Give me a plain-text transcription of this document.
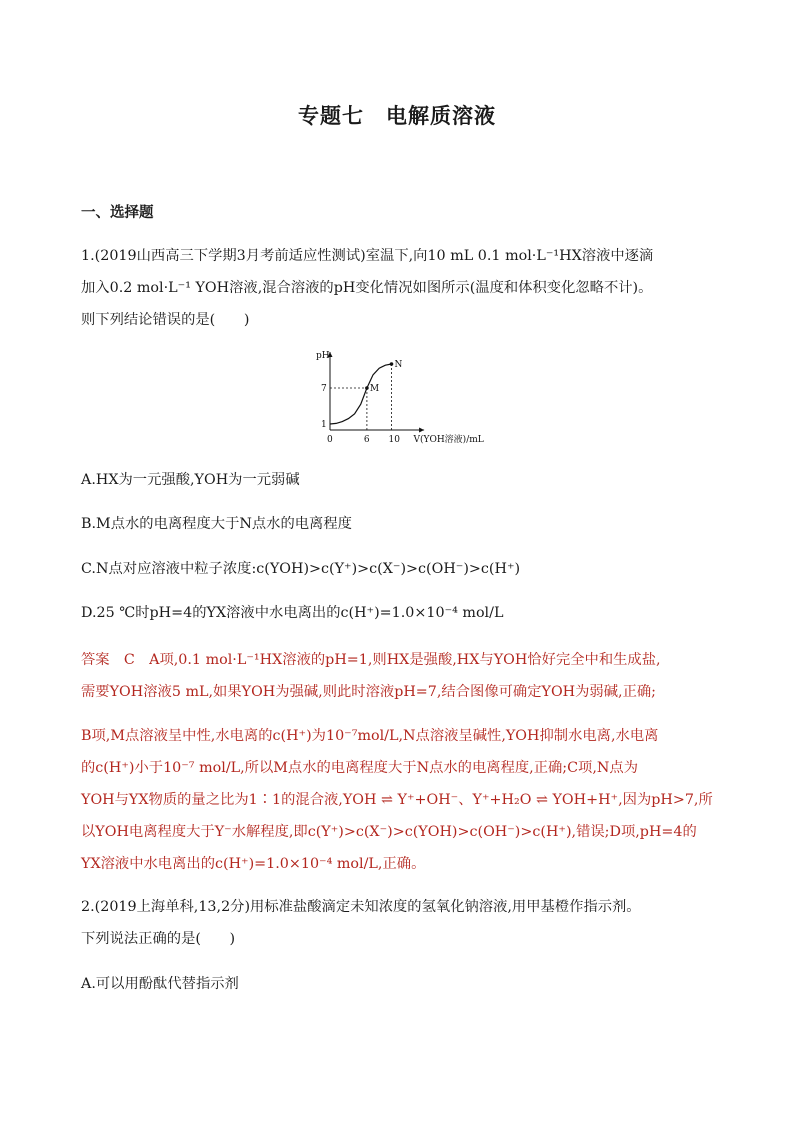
专题七　电解质溶液
一、选择题
1.(2019山西高三下学期3月考前适应性测试)室温下,向10 mL 0.1 mol·L⁻¹HX溶液中逐滴
加入0.2 mol·L⁻¹ YOH溶液,混合溶液的pH变化情况如图所示(温度和体积变化忽略不计)。
则下列结论错误的是(　　)
pH
V(YOH溶液)/mL
0	6 10
1
7	M
N
A.HX为一元强酸,YOH为一元弱碱
B.M点水的电离程度大于N点水的电离程度
C.N点对应溶液中粒子浓度:c(YOH)>c(Y⁺)>c(X⁻)>c(OH⁻)>c(H⁺)
D.25 ℃时pH=4的YX溶液中水电离出的c(H⁺)=1.0×10⁻⁴ mol/L
答案　C　A项,0.1 mol·L⁻¹HX溶液的pH=1,则HX是强酸,HX与YOH恰好完全中和生成盐,
需要YOH溶液5 mL,如果YOH为强碱,则此时溶液pH=7,结合图像可确定YOH为弱碱,正确;
B项,M点溶液呈中性,水电离的c(H⁺)为10⁻⁷mol/L,N点溶液呈碱性,YOH抑制水电离,水电离
的c(H⁺)小于10⁻⁷ mol/L,所以M点水的电离程度大于N点水的电离程度,正确;C项,N点为
YOH与YX物质的量之比为1∶1的混合液,YOH ⇌ Y⁺+OH⁻、Y⁺+H₂O ⇌ YOH+H⁺,因为pH>7,所
以YOH电离程度大于Y⁻水解程度,即c(Y⁺)>c(X⁻)>c(YOH)>c(OH⁻)>c(H⁺),错误;D项,pH=4的
YX溶液中水电离出的c(H⁺)=1.0×10⁻⁴ mol/L,正确。
2.(2019上海单科,13,2分)用标准盐酸滴定未知浓度的氢氧化钠溶液,用甲基橙作指示剂。
下列说法正确的是(　　)
A.可以用酚酞代替指示剂
